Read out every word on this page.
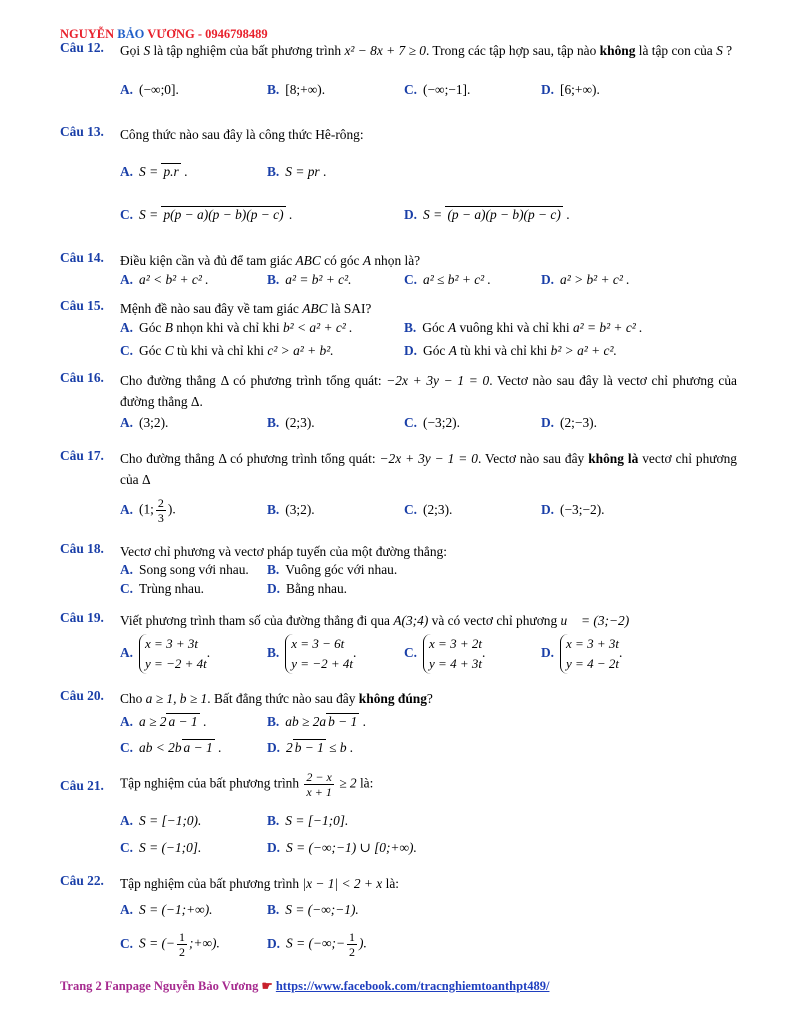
NGUYỄN BẢO VƯƠNG - 0946798489
Câu 12.	Gọi S là tập nghiệm của bất phương trình x² − 8x + 7 ≥ 0. Trong các tập hợp sau, tập nào không là tập con của S ?
A. (−∞;0].	B. [8;+∞).	C. (−∞;−1].	D. [6;+∞).
Câu 13.	Công thức nào sau đây là công thức Hê-rông:
A. S = p.r .	B. S = pr .
C. S = p(p − a)(p − b)(p − c) .	D. S = (p − a)(p − b)(p − c) .
Câu 14.	Điều kiện cần và đủ để tam giác ABC có góc A nhọn là?
A. a² < b² + c² .	B. a² = b² + c².	C. a² ≤ b² + c² .	D. a² > b² + c² .
Câu 15.	Mệnh đề nào sau đây về tam giác ABC là SAI?
A. Góc B nhọn khi và chỉ khi b² < a² + c² .	B. Góc A vuông khi và chỉ khi a² = b² + c² .
C. Góc C tù khi và chỉ khi c² > a² + b².	D. Góc A tù khi và chỉ khi b² > a² + c².
Câu 16.	Cho đường thẳng Δ có phương trình tổng quát: −2x + 3y − 1 = 0. Vectơ nào sau đây là vectơ chỉ phương của đường thẳng Δ.
A. (3;2).	B. (2;3).	C. (−3;2).	D. (2;−3).
Câu 17.	Cho đường thẳng Δ có phương trình tổng quát: −2x + 3y − 1 = 0. Vectơ nào sau đây không là vectơ chỉ phương của Δ
A. (1; $\frac{2}{3}$ ).	B. (3;2).	C. (2;3).	D. (−3;−2).
Câu 18.	Vectơ chỉ phương và vectơ pháp tuyến của một đường thẳng:
A. Song song với nhau. B. Vuông góc với nhau.
C. Trùng nhau.	D. Bằng nhau.
Câu 19.	Viết phương trình tham số của đường thẳng đi qua A(3;4) và có vectơ chỉ phương u⃗ = (3;−2)
A.
x = 3 + 3t
y = −2 + 4t
.	B.
x = 3 − 6t
y = −2 + 4t
.	C.
x = 3 + 2t
y = 4 + 3t
.	D.
x = 3 + 3t
y = 4 − 2t
.
Câu 20.	Cho a ≥ 1, b ≥ 1. Bất đẳng thức nào sau đây không đúng?
A. a ≥ 2 a − 1 .	B. ab ≥ 2a b − 1 .
C. ab < 2b a − 1 .	D. 2 b − 1 ≤ b .
Câu 21.	Tập nghiệm của bất phương trình $\frac{2 - x}{x + 1} \ge 2$ là:
A. S = [−1;0).	B. S = [−1;0].
C. S = (−1;0].	D. S = (−∞;−1) ∪ [0;+∞).
Câu 22.	Tập nghiệm của bất phương trình |x − 1| < 2 + x là:
A. S = (−1;+∞).	B. S = (−∞;−1).
C. S = (− $\frac{1}{2}$ ;+∞).	D. S = (−∞;− $\frac{1}{2}$ ).
Trang 2 Fanpage Nguyễn Bảo Vương ☛ https://www.facebook.com/tracnghiemtoanthpt489/
